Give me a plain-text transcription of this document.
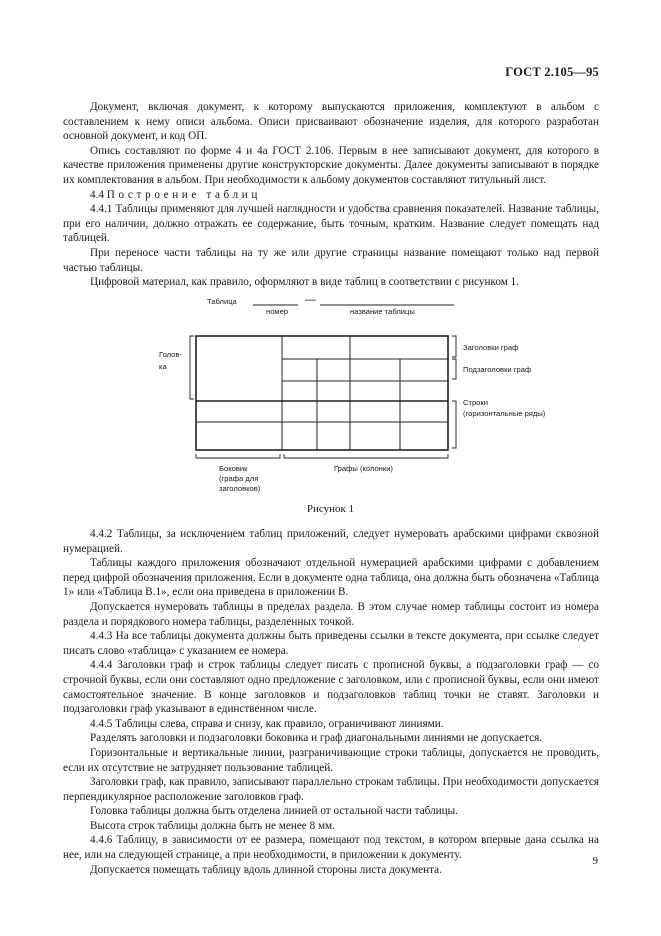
ГОСТ 2.105—95

Документ, включая документ, к которому выпускаются приложения, комплектуют в альбом с составлением к нему описи альбома. Описи присваивают обозначение изделия, для которого разработан основной документ, и код ОП.

Опись составляют по форме 4 и 4а ГОСТ 2.106. Первым в нее записывают документ, для которого в качестве приложения применены другие конструкторские документы. Далее документы записывают в порядке их комплектования в альбом. При необходимости к альбому документов составляют титульный лист.

4.4 Построение таблиц

4.4.1 Таблицы применяют для лучшей наглядности и удобства сравнения показателей. Название таблицы, при его наличии, должно отражать ее содержание, быть точным, кратким. Название следует помещать над таблицей.

При переносе части таблицы на ту же или другие страницы название помещают только над первой частью таблицы.

Цифровой материал, как правило, оформляют в виде таблиц в соответствии с рисунком 1.

Таблица	—
номер	название таблицы
Голов-
ка
Заголовки граф
Подзаголовки граф
Строки
(горизонтальные ряды)
Боковик
(графа для
заголовков)
Графы (колонки)
Рисунок 1

4.4.2 Таблицы, за исключением таблиц приложений, следует нумеровать арабскими цифрами сквозной нумерацией.

Таблицы каждого приложения обозначают отдельной нумерацией арабскими цифрами с добавлением перед цифрой обозначения приложения. Если в документе одна таблица, она должна быть обозначена «Таблица 1» или «Таблица В.1», если она приведена в приложении В.

Допускается нумеровать таблицы в пределах раздела. В этом случае номер таблицы состоит из номера раздела и порядкового номера таблицы, разделенных точкой.

4.4.3 На все таблицы документа должны быть приведены ссылки в тексте документа, при ссылке следует писать слово «таблица» с указанием ее номера.

4.4.4 Заголовки граф и строк таблицы следует писать с прописной буквы, а подзаголовки граф — со строчной буквы, если они составляют одно предложение с заголовком, или с прописной буквы, если они имеют самостоятельное значение. В конце заголовков и подзаголовков таблиц точки не ставят. Заголовки и подзаголовки граф указывают в единственном числе.

4.4.5 Таблицы слева, справа и снизу, как правило, ограничивают линиями.

Разделять заголовки и подзаголовки боковика и граф диагональными линиями не допускается.

Горизонтальные и вертикальные линии, разграничивающие строки таблицы, допускается не проводить, если их отсутствие не затрудняет пользование таблицей.

Заголовки граф, как правило, записывают параллельно строкам таблицы. При необходимости допускается перпендикулярное расположение заголовков граф.

Головка таблицы должна быть отделена линией от остальной части таблицы.

Высота строк таблицы должна быть не менее 8 мм.

4.4.6 Таблицу, в зависимости от ее размера, помещают под текстом, в котором впервые дана ссылка на нее, или на следующей странице, а при необходимости, в приложении к документу.

Допускается помещать таблицу вдоль длинной стороны листа документа.

9
